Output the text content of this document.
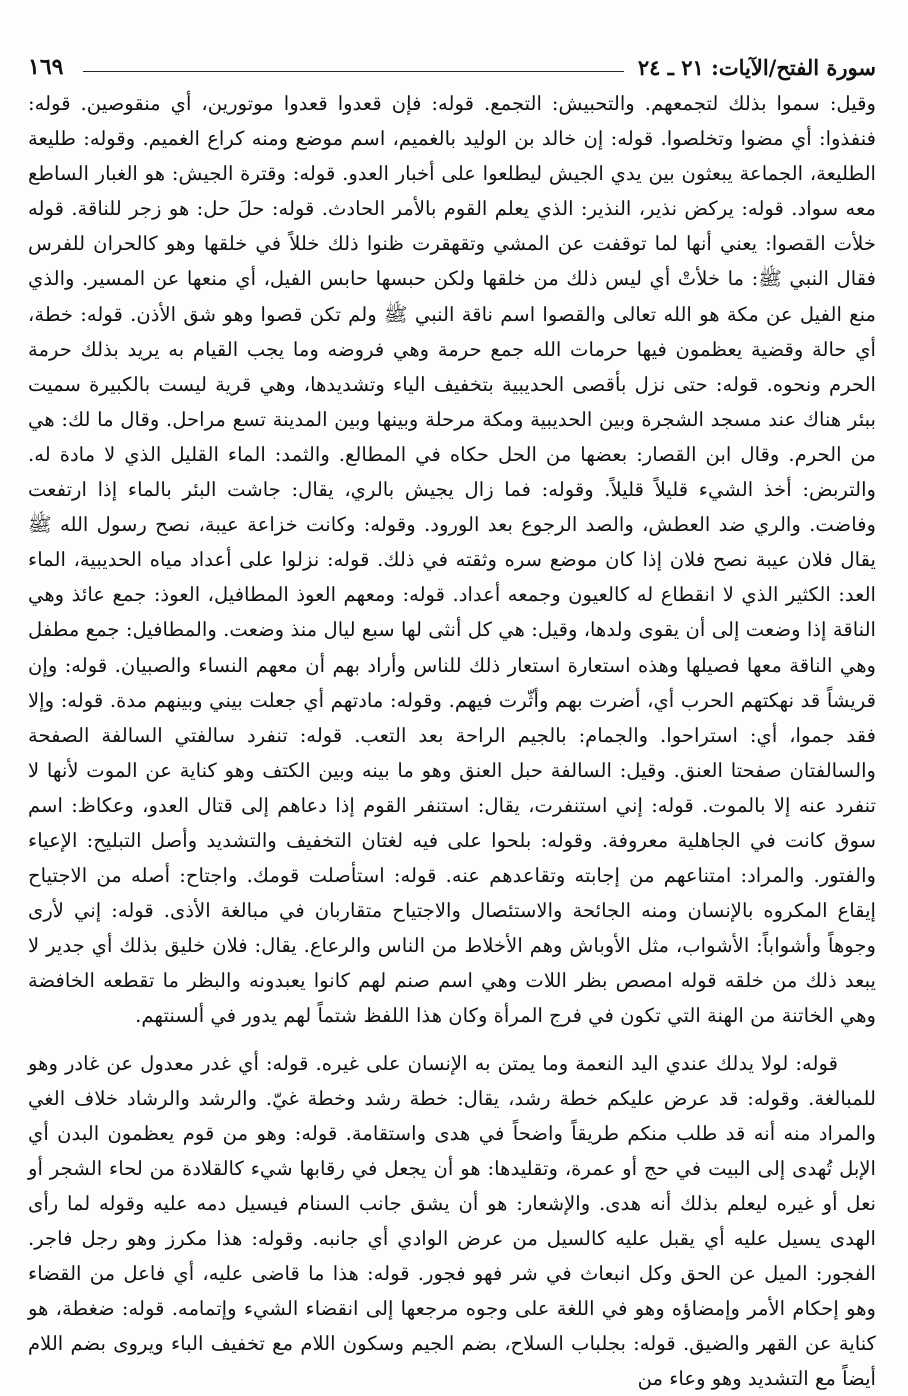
سورة الفتح/الآيات: ٢١ ـ ٢٤
١٦٩

وقيل: سموا بذلك لتجمعهم. والتحبيش: التجمع. قوله: فإن قعدوا قعدوا موتورين، أي منقوصين. قوله: فنفذوا: أي مضوا وتخلصوا. قوله: إن خالد بن الوليد بالغميم، اسم موضع ومنه كراع الغميم. وقوله: طليعة الطليعة، الجماعة يبعثون بين يدي الجيش ليطلعوا على أخبار العدو. قوله: وقترة الجيش: هو الغبار الساطع معه سواد. قوله: يركض نذير، النذير: الذي يعلم القوم بالأمر الحادث. قوله: حلَ حل: هو زجر للناقة. قوله خلأت القصوا: يعني أنها لما توقفت عن المشي وتقهقرت ظنوا ذلك خللاً في خلقها وهو كالحران للفرس فقال النبي ﷺ: ما خلأتْ أي ليس ذلك من خلقها ولكن حبسها حابس الفيل، أي منعها عن المسير. والذي منع الفيل عن مكة هو الله تعالى والقصوا اسم ناقة النبي ﷺ ولم تكن قصوا وهو شق الأذن. قوله: خطة، أي حالة وقضية يعظمون فيها حرمات الله جمع حرمة وهي فروضه وما يجب القيام به يريد بذلك حرمة الحرم ونحوه. قوله: حتى نزل بأقصى الحديبية بتخفيف الياء وتشديدها، وهي قرية ليست بالكبيرة سميت ببئر هناك عند مسجد الشجرة وبين الحديبية ومكة مرحلة وبينها وبين المدينة تسع مراحل. وقال ما لك: هي من الحرم. وقال ابن القصار: بعضها من الحل حكاه في المطالع. والثمد: الماء القليل الذي لا مادة له. والتربض: أخذ الشيء قليلاً قليلاً. وقوله: فما زال يجيش بالري، يقال: جاشت البئر بالماء إذا ارتفعت وفاضت. والري ضد العطش، والصد الرجوع بعد الورود. وقوله: وكانت خزاعة عيبة، نصح رسول الله ﷺ يقال فلان عيبة نصح فلان إذا كان موضع سره وثقته في ذلك. قوله: نزلوا على أعداد مياه الحديبية، الماء العد: الكثير الذي لا انقطاع له كالعيون وجمعه أعداد. قوله: ومعهم العوذ المطافيل، العوذ: جمع عائذ وهي الناقة إذا وضعت إلى أن يقوى ولدها، وقيل: هي كل أنثى لها سبع ليال منذ وضعت. والمطافيل: جمع مطفل وهي الناقة معها فصيلها وهذه استعارة استعار ذلك للناس وأراد بهم أن معهم النساء والصبيان. قوله: وإن قريشاً قد نهكتهم الحرب أي، أضرت بهم وأثّرت فيهم. وقوله: مادتهم أي جعلت بيني وبينهم مدة. قوله: وإلا فقد جموا، أي: استراحوا. والجمام: بالجيم الراحة بعد التعب. قوله: تنفرد سالفتي السالفة الصفحة والسالفتان صفحتا العنق. وقيل: السالفة حبل العنق وهو ما بينه وبين الكتف وهو كناية عن الموت لأنها لا تنفرد عنه إلا بالموت. قوله: إني استنفرت، يقال: استنفر القوم إذا دعاهم إلى قتال العدو، وعكاظ: اسم سوق كانت في الجاهلية معروفة. وقوله: بلحوا على فيه لغتان التخفيف والتشديد وأصل التبليح: الإعياء والفتور. والمراد: امتناعهم من إجابته وتقاعدهم عنه. قوله: استأصلت قومك. واجتاح: أصله من الاجتياح إيقاع المكروه بالإنسان ومنه الجائحة والاستئصال والاجتياح متقاربان في مبالغة الأذى. قوله: إني لأرى وجوهاً وأشواباً: الأشواب، مثل الأوباش وهم الأخلاط من الناس والرعاع. يقال: فلان خليق بذلك أي جدير لا يبعد ذلك من خلقه قوله امصص بظر اللات وهي اسم صنم لهم كانوا يعبدونه والبظر ما تقطعه الخافضة وهي الخاتنة من الهنة التي تكون في فرج المرأة وكان هذا اللفظ شتماً لهم يدور في ألسنتهم.

قوله: لولا يدلك عندي اليد النعمة وما يمتن به الإنسان على غيره. قوله: أي غدر معدول عن غادر وهو للمبالغة. وقوله: قد عرض عليكم خطة رشد، يقال: خطة رشد وخطة غيّ. والرشد والرشاد خلاف الغي والمراد منه أنه قد طلب منكم طريقاً واضحاً في هدى واستقامة. قوله: وهو من قوم يعظمون البدن أي الإبل تُهدى إلى البيت في حج أو عمرة، وتقليدها: هو أن يجعل في رقابها شيء كالقلادة من لحاء الشجر أو نعل أو غيره ليعلم بذلك أنه هدى. والإشعار: هو أن يشق جانب السنام فيسيل دمه عليه وقوله لما رأى الهدى يسيل عليه أي يقبل عليه كالسيل من عرض الوادي أي جانبه. وقوله: هذا مكرز وهو رجل فاجر. الفجور: الميل عن الحق وكل انبعاث في شر فهو فجور. قوله: هذا ما قاضى عليه، أي فاعل من القضاء وهو إحكام الأمر وإمضاؤه وهو في اللغة على وجوه مرجعها إلى انقضاء الشيء وإتمامه. قوله: ضغطة، هو كناية عن القهر والضيق. قوله: بجلباب السلاح، بضم الجيم وسكون اللام مع تخفيف الباء ويروى بضم اللام أيضاً مع التشديد وهو وعاء من
